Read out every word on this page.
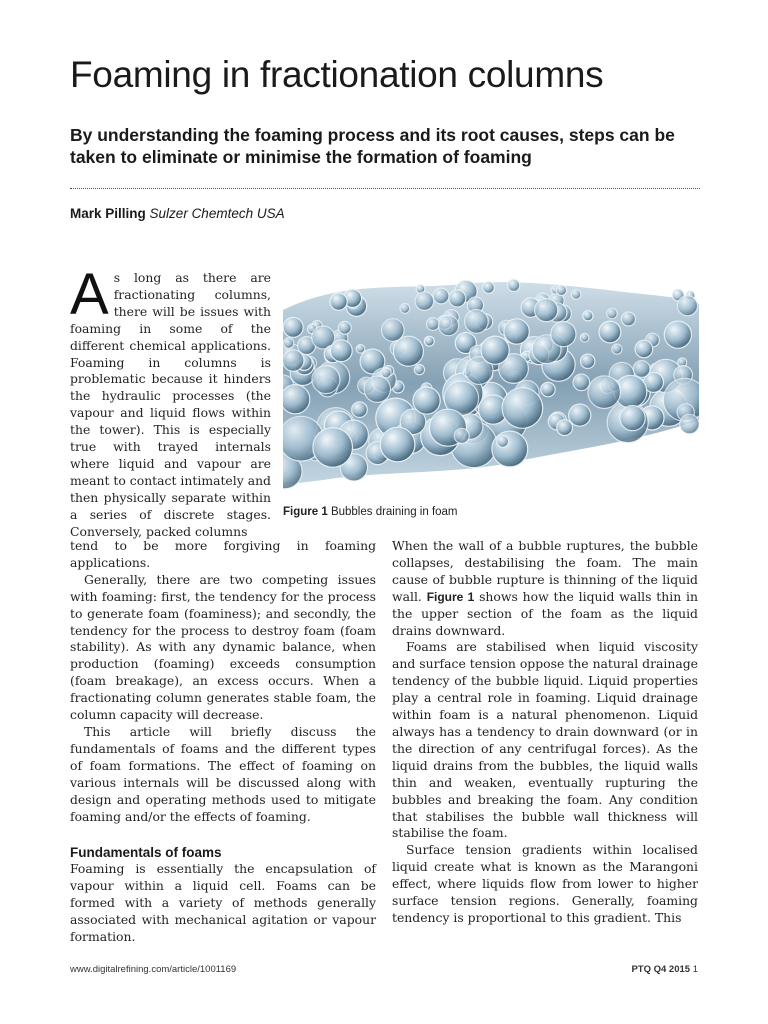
Foaming in fractionation columns

By understanding the foaming process and its root causes, steps can be taken to eliminate or minimise the formation of foaming

Mark Pilling Sulzer Chemtech USA

As long as there are fractionating columns, there will be issues with foaming in some of the different chemical applications. Foaming in columns is problematic because it hinders the hydraulic processes (the vapour and liquid flows within the tower). This is especially true with trayed internals where liquid and vapour are meant to contact intimately and then physically separate within a series of discrete stages. Conversely, packed columns

Figure 1 Bubbles draining in foam

tend to be more forgiving in foaming applications.

Generally, there are two competing issues with foaming: first, the tendency for the process to generate foam (foaminess); and secondly, the tendency for the process to destroy foam (foam stability). As with any dynamic balance, when production (foaming) exceeds consumption (foam breakage), an excess occurs. When a fractionating column generates stable foam, the column capacity will decrease.

This article will briefly discuss the fundamentals of foams and the different types of foam formations. The effect of foaming on various internals will be discussed along with design and operating methods used to mitigate foaming and/or the effects of foaming.

Fundamentals of foams

Foaming is essentially the encapsulation of vapour within a liquid cell. Foams can be formed with a variety of methods generally associated with mechanical agitation or vapour formation.

When the wall of a bubble ruptures, the bubble collapses, destabilising the foam. The main cause of bubble rupture is thinning of the liquid wall. Figure 1 shows how the liquid walls thin in the upper section of the foam as the liquid drains downward.

Foams are stabilised when liquid viscosity and surface tension oppose the natural drainage tendency of the bubble liquid. Liquid properties play a central role in foaming. Liquid drainage within foam is a natural phenomenon. Liquid always has a tendency to drain downward (or in the direction of any centrifugal forces). As the liquid drains from the bubbles, the liquid walls thin and weaken, eventually rupturing the bubbles and breaking the foam. Any condition that stabilises the bubble wall thickness will stabilise the foam.

Surface tension gradients within localised liquid create what is known as the Marangoni effect, where liquids flow from lower to higher surface tension regions. Generally, foaming tendency is proportional to this gradient. This

www.digitalrefining.com/article/1001169	PTQ Q4 2015 1
